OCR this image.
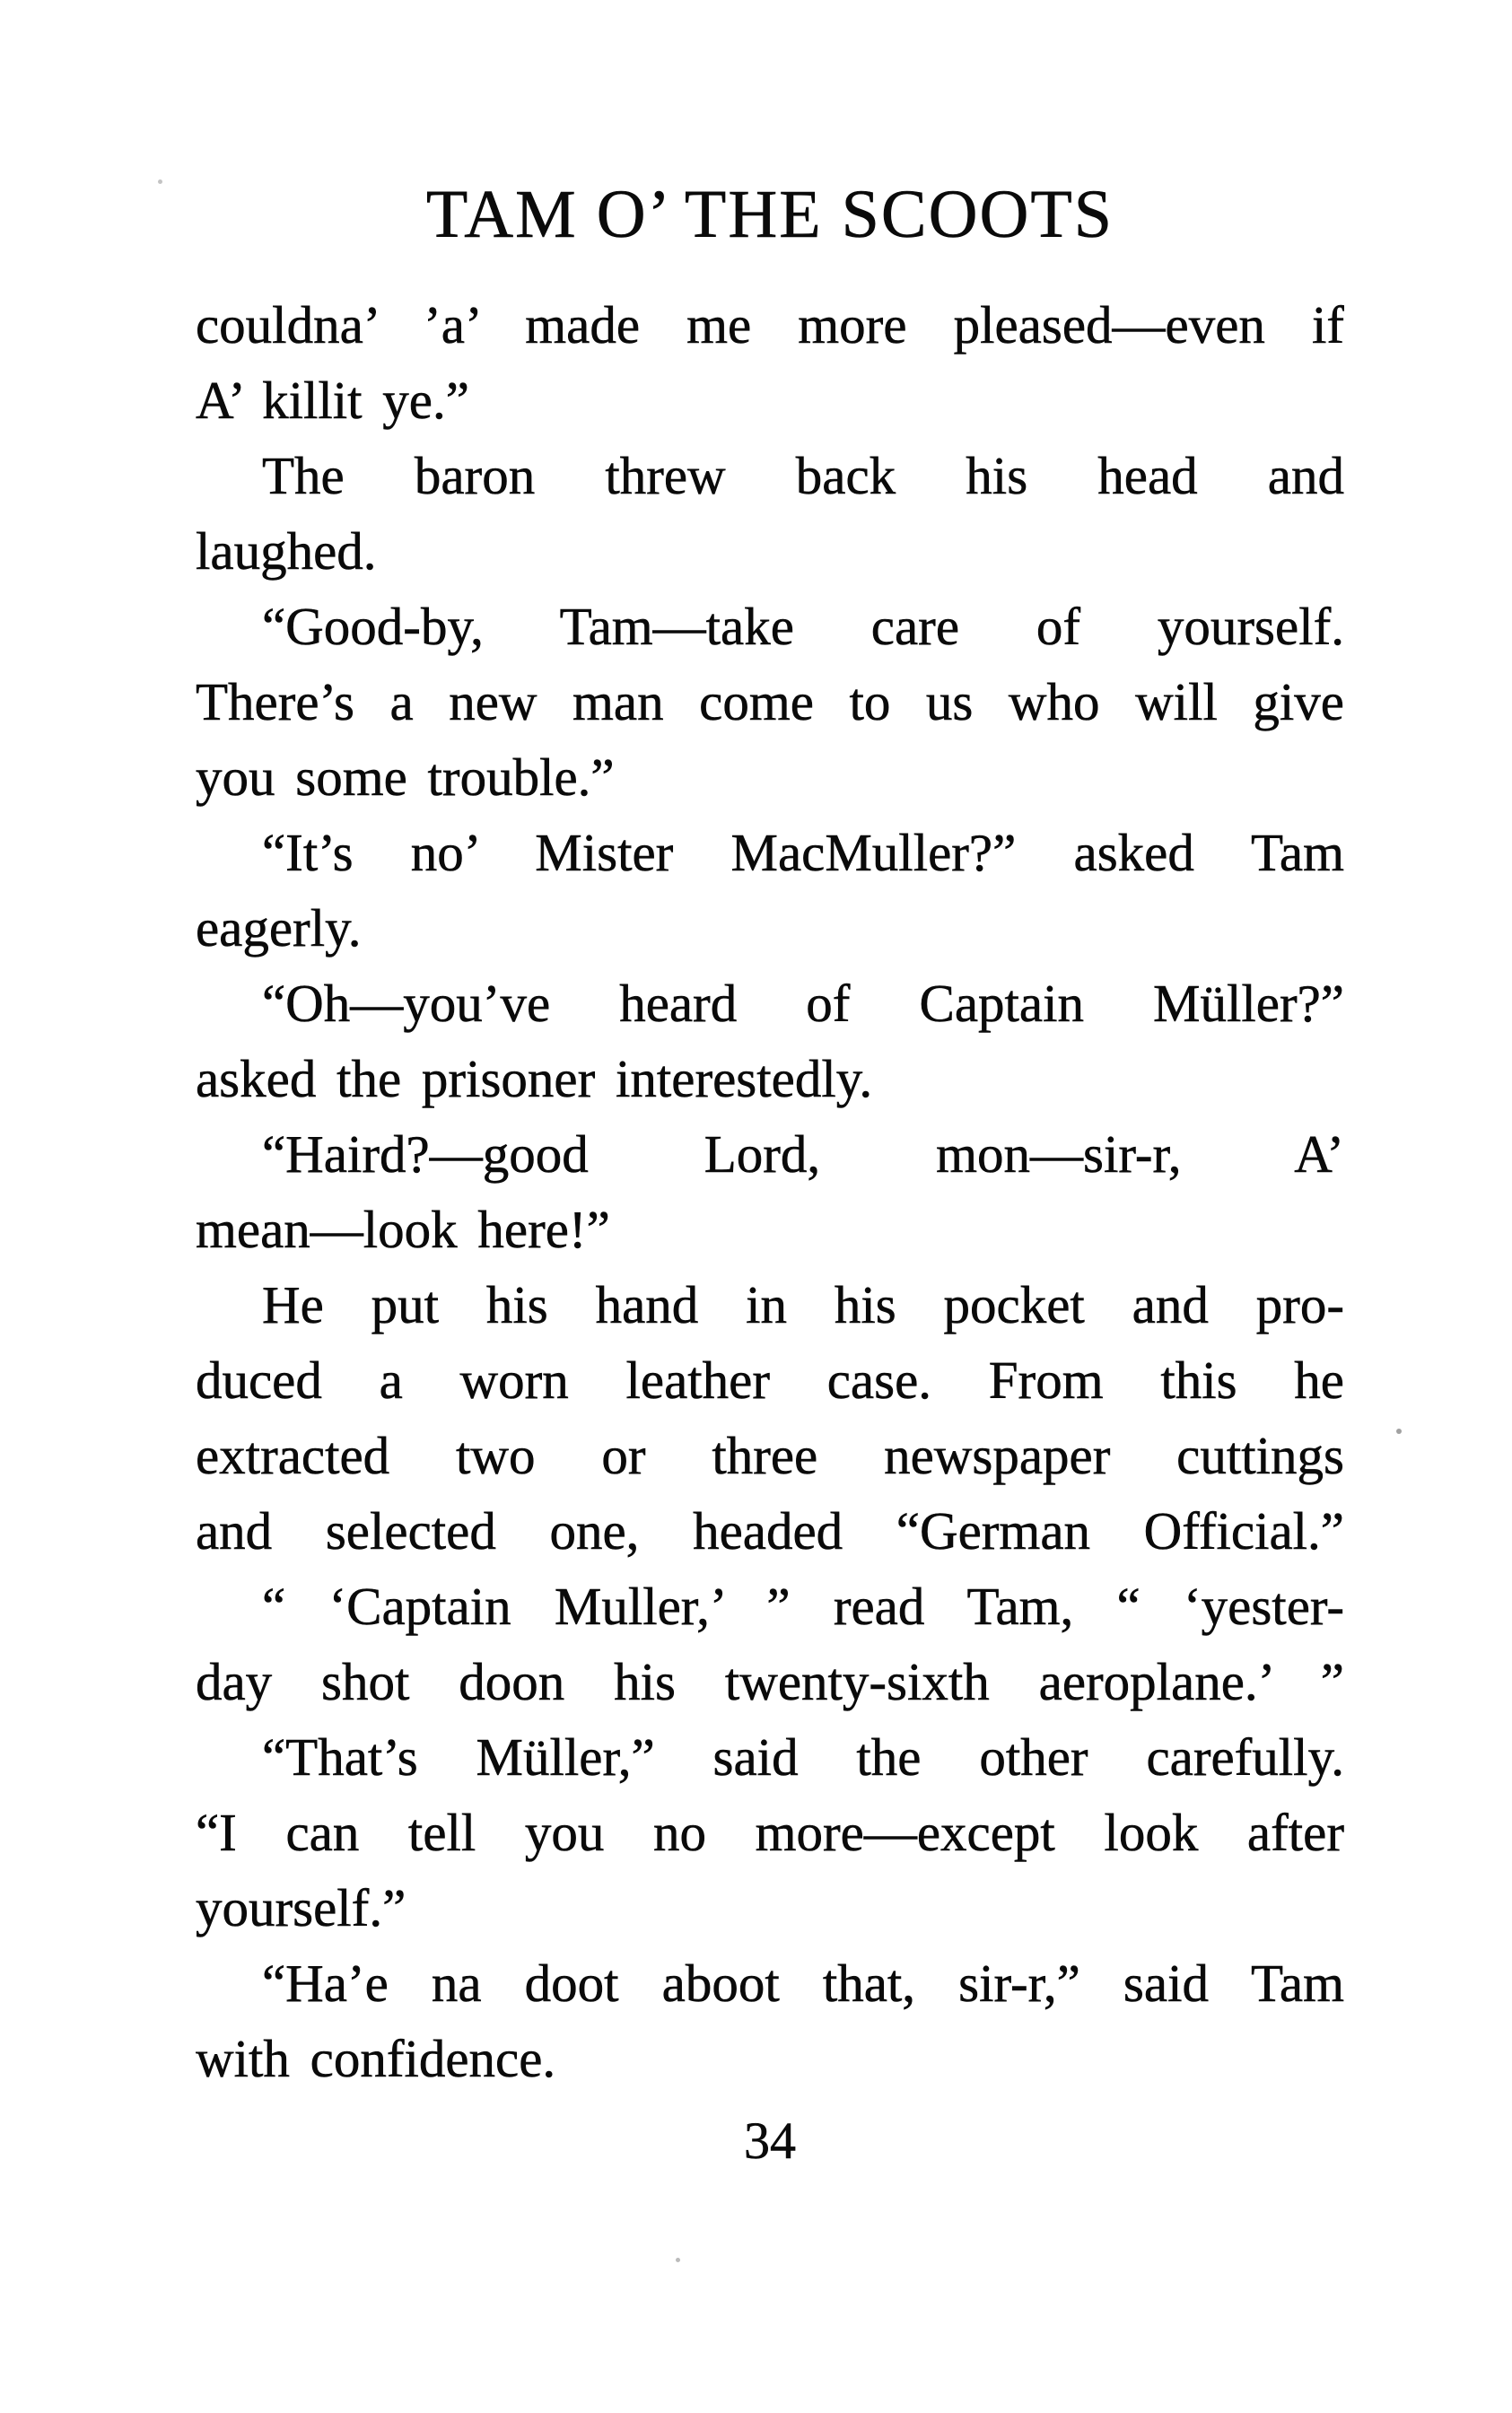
TAM O’ THE SCOOTS
couldna’ ’a’ made me more pleased—even if
A’ killit ye.”
The baron threw back his head and
laughed.
“Good-by, Tam—take care of yourself.
There’s a new man come to us who will give
you some trouble.”
“It’s no’ Mister MacMuller?” asked Tam
eagerly.
“Oh—you’ve heard of Captain Müller?”
asked the prisoner interestedly.
“Haird?—good Lord, mon—sir-r, A’
mean—look here!”
He put his hand in his pocket and pro-
duced a worn leather case. From this he
extracted two or three newspaper cuttings
and selected one, headed “German Official.”
“ ‘Captain Muller,’ ” read Tam, “ ‘yester-
day shot doon his twenty-sixth aeroplane.’ ”
“That’s Müller,” said the other carefully.
“I can tell you no more—except look after
yourself.”
“Ha’e na doot aboot that, sir-r,” said Tam
with confidence.
34
